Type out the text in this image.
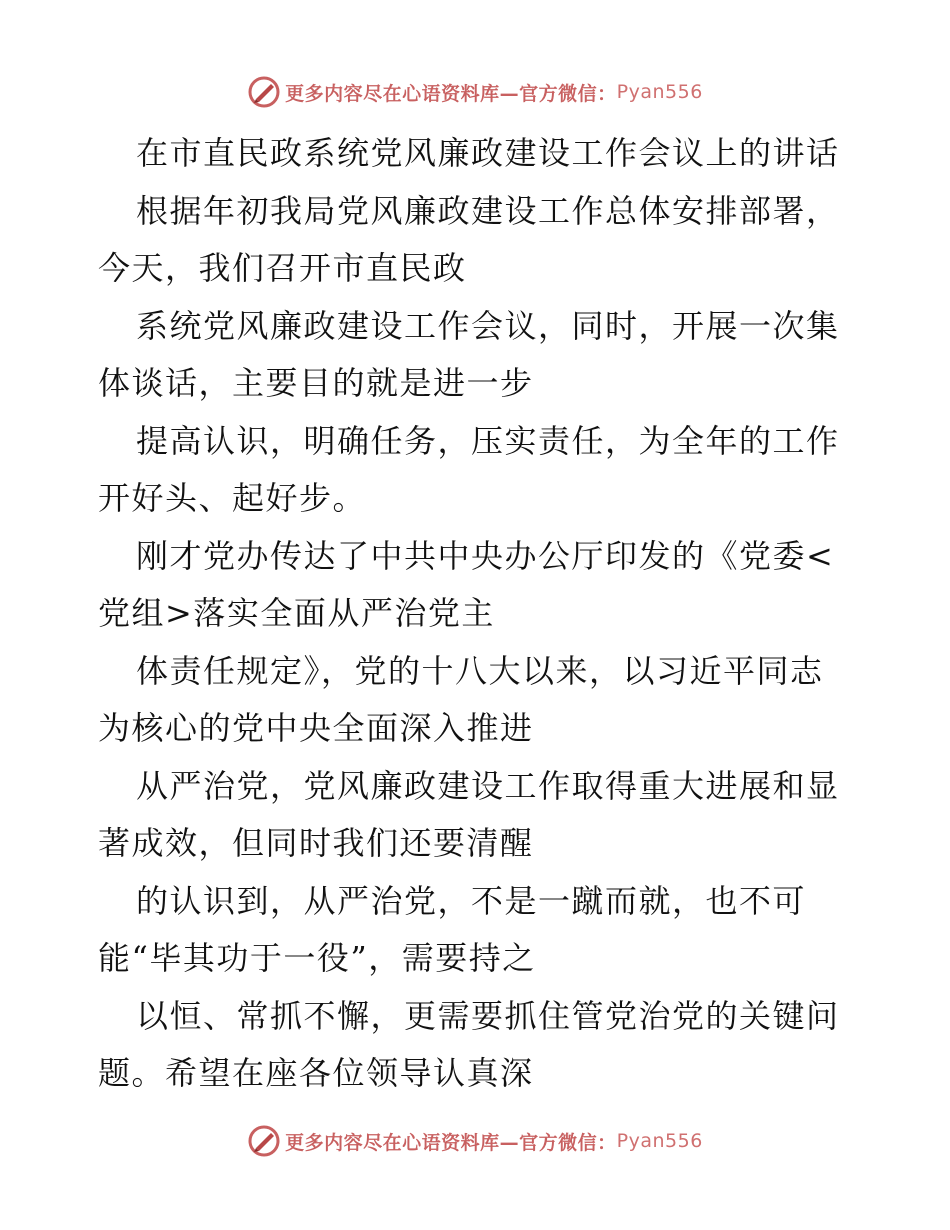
更多内容尽在心语资料库—官方微信： Pyan556
在市直民政系统党风廉政建设工作会议上的讲话
根据年初我局党风廉政建设工作总体安排部署，
今天，我们召开市直民政
系统党风廉政建设工作会议，同时，开展一次集
体谈话，主要目的就是进一步
提高认识，明确任务，压实责任，为全年的工作
开好头、起好步。
刚才党办传达了中共中央办公厅印发的《党委<
党组>落实全面从严治党主
体责任规定》，党的十八大以来，以习近平同志
为核心的党中央全面深入推进
从严治党，党风廉政建设工作取得重大进展和显
著成效，但同时我们还要清醒
的认识到，从严治党，不是一蹴而就，也不可
能“毕其功于一役”，需要持之
以恒、常抓不懈，更需要抓住管党治党的关键问
题。希望在座各位领导认真深
更多内容尽在心语资料库—官方微信： Pyan556
